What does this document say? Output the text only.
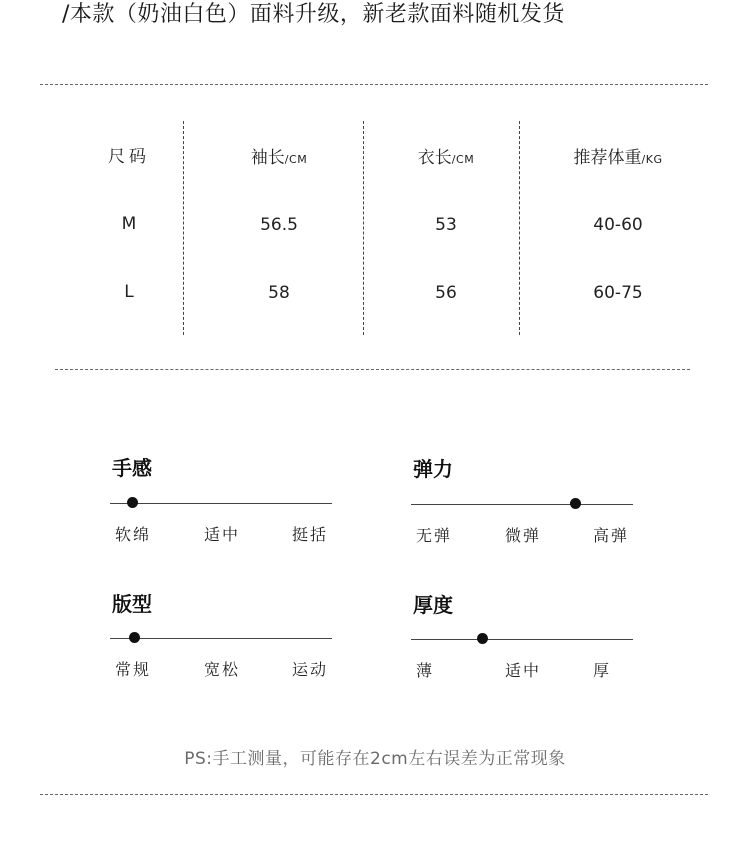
/本款（奶油白色）面料升级，新老款面料随机发货
尺码	袖长/CM	衣长/CM	推荐体重/KG
M	56.5	53	40-60
L	58	56	60-75
手感
软绵	适中	挺括
弹力
无弹	微弹	高弹
版型
常规	宽松	运动
厚度
薄	适中	厚
PS:手工测量，可能存在2cm左右误差为正常现象
